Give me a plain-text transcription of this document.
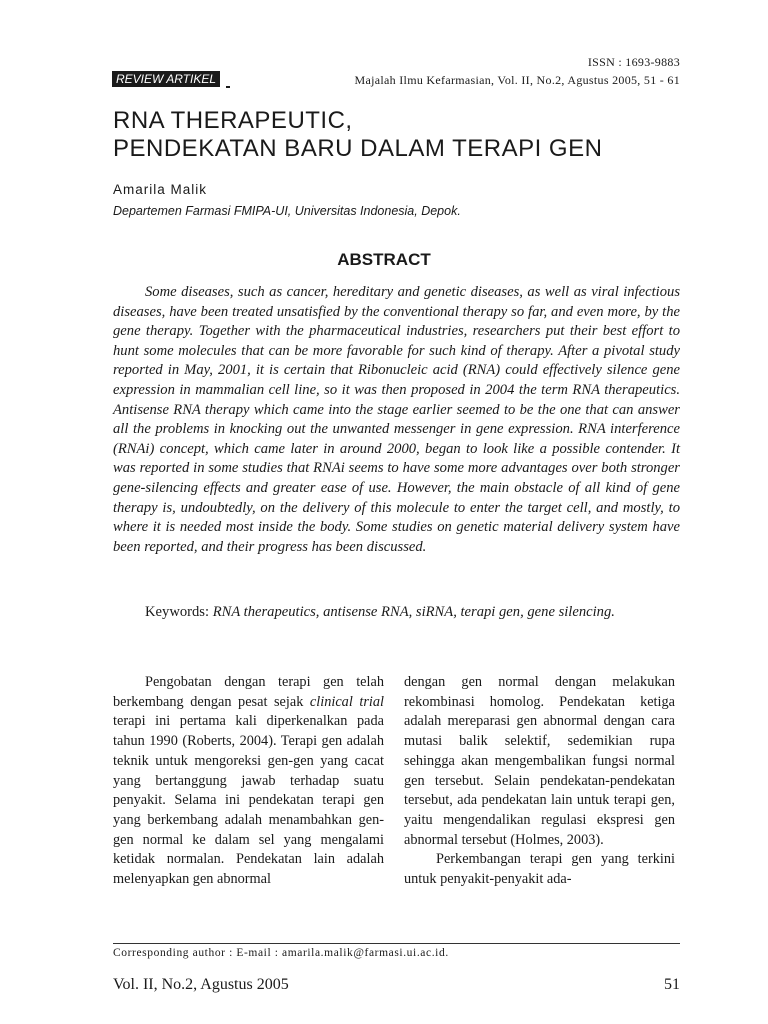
ISSN : 1693-9883
Majalah Ilmu Kefarmasian, Vol. II, No.2, Agustus 2005, 51 - 61
REVIEW ARTIKEL
RNA THERAPEUTIC,
PENDEKATAN BARU DALAM TERAPI GEN
Amarila Malik
Departemen Farmasi FMIPA-UI, Universitas Indonesia, Depok.
ABSTRACT
Some diseases, such as cancer, hereditary and genetic diseases, as well as viral infectious diseases, have been treated unsatisfied by the conventional therapy so far, and even more, by the gene therapy. Together with the pharmaceutical industries, researchers put their best effort to hunt some molecules that can be more favorable for such kind of therapy. After a pivotal study reported in May, 2001, it is certain that Ribonucleic acid (RNA) could effectively silence gene expression in mammalian cell line, so it was then proposed in 2004 the term RNA therapeutics. Antisense RNA therapy which came into the stage earlier seemed to be the one that can answer all the problems in knocking out the unwanted messenger in gene expression. RNA interference (RNAi) concept, which came later in around 2000, began to look like a possible contender. It was reported in some studies that RNAi seems to have some more advantages over both stronger gene-silencing effects and greater ease of use. However, the main obstacle of all kind of gene therapy is, undoubtedly, on the delivery of this molecule to enter the target cell, and mostly, to where it is needed most inside the body. Some studies on genetic material delivery system have been reported, and their progress has been discussed.
Keywords: RNA therapeutics, antisense RNA, siRNA, terapi gen, gene silencing.

Pengobatan dengan terapi gen telah berkembang dengan pesat sejak clinical trial terapi ini pertama kali diperkenalkan pada tahun 1990 (Roberts, 2004). Terapi gen adalah teknik untuk mengoreksi gen-gen yang cacat yang bertanggung jawab terhadap suatu penyakit. Selama ini pendekatan terapi gen yang berkembang adalah menambahkan gen-gen normal ke dalam sel yang mengalami ketidak normalan. Pendekatan lain adalah melenyapkan gen abnormal

dengan gen normal dengan melakukan rekombinasi homolog. Pendekatan ketiga adalah mereparasi gen abnormal dengan cara mutasi balik selektif, sedemikian rupa sehingga akan mengembalikan fungsi normal gen tersebut. Selain pendekatan-pendekatan tersebut, ada pendekatan lain untuk terapi gen, yaitu mengendalikan regulasi ekspresi gen abnormal tersebut (Holmes, 2003).

Perkembangan terapi gen yang terkini untuk penyakit-penyakit ada-

Corresponding author : E-mail : amarila.malik@farmasi.ui.ac.id.
Vol. II, No.2, Agustus 2005	51
